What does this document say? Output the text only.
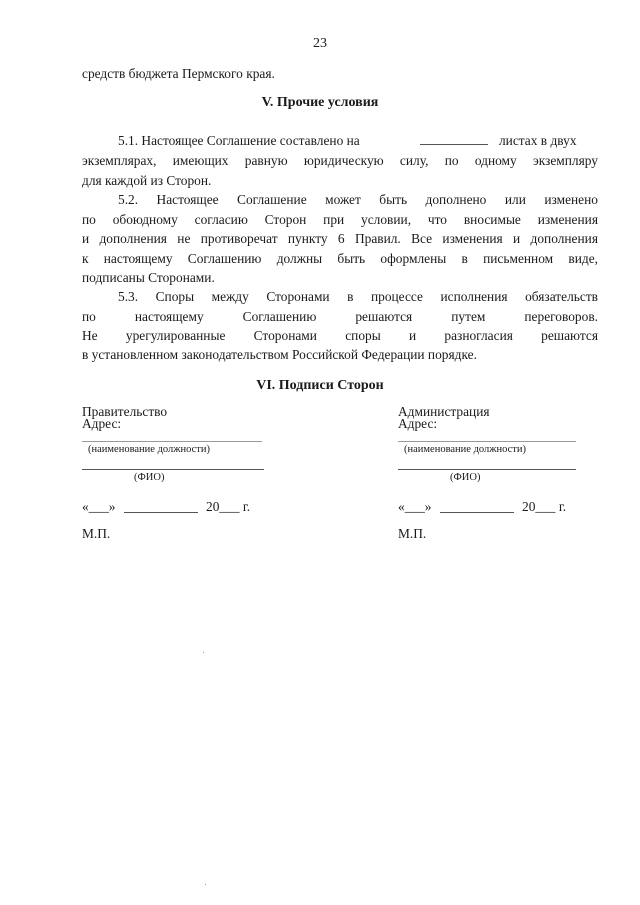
23
средств бюджета Пермского края.
V. Прочие условия
5.1. Настоящее Соглашение составлено на	листах в двух
экземплярах, имеющих равную юридическую силу, по одному экземпляру
для каждой из Сторон.
5.2. Настоящее Соглашение может быть дополнено или изменено
по обоюдному согласию Сторон при условии, что вносимые изменения
и дополнения не противоречат пункту 6 Правил. Все изменения и дополнения
к настоящему Соглашению должны быть оформлены в письменном виде,
подписаны Сторонами.
5.3. Споры между Сторонами в процессе исполнения обязательств
по настоящему Соглашению решаются путем переговоров.
Не урегулированные Сторонами споры и разногласия решаются
в установленном законодательством Российской Федерации порядке.
VI. Подписи Сторон
Правительство
Адрес:
(наименование должности)
(ФИО)
«___»	20___ г.
М.П.
Администрация
Адрес:
(наименование должности)
(ФИО)
«___»	20___ г.
М.П.
